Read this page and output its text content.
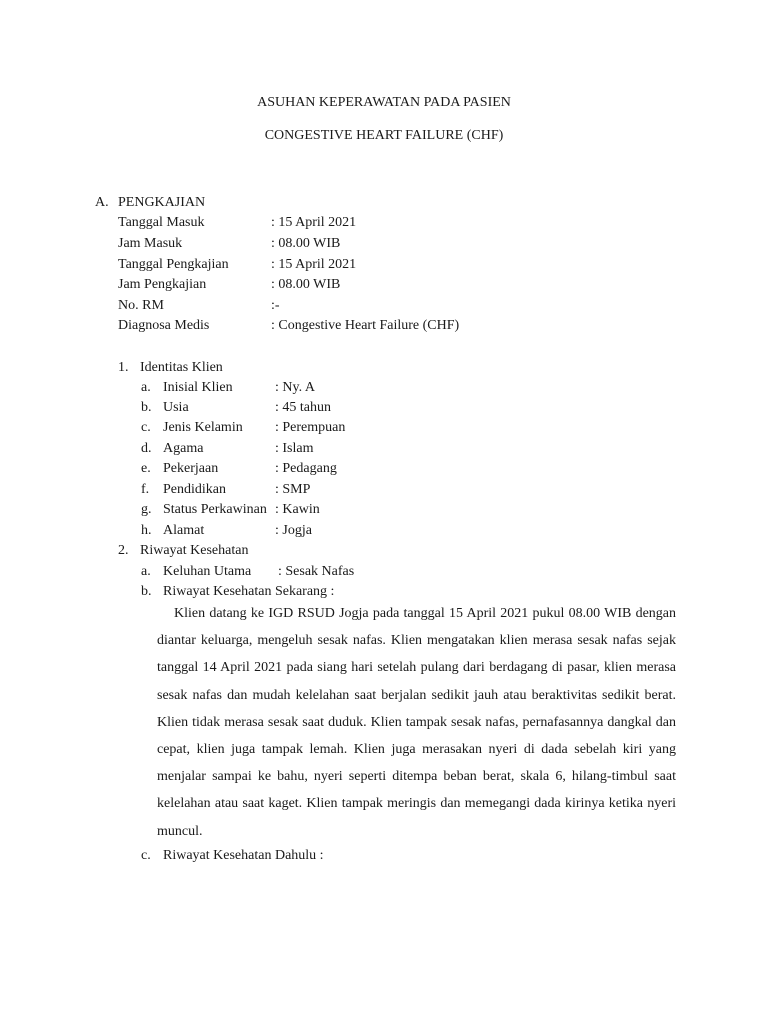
ASUHAN KEPERAWATAN PADA PASIEN
CONGESTIVE HEART FAILURE (CHF)
A. PENGKAJIAN
Tanggal Masuk	: 15 April 2021
Jam Masuk	: 08.00 WIB
Tanggal Pengkajian	: 15 April 2021
Jam Pengkajian	: 08.00 WIB
No. RM	:-
Diagnosa Medis	: Congestive Heart Failure (CHF)
1. Identitas Klien
a. Inisial Klien	: Ny. A
b. Usia	: 45 tahun
c. Jenis Kelamin : Perempuan
d. Agama	: Islam
e. Pekerjaan	: Pedagang
f. Pendidikan	: SMP
g. Status Perkawinan : Kawin
h. Alamat	: Jogja
2. Riwayat Kesehatan
a. Keluhan Utama : Sesak Nafas
b. Riwayat Kesehatan Sekarang :
Klien datang ke IGD RSUD Jogja pada tanggal 15 April 2021 pukul 08.00 WIB dengan diantar keluarga, mengeluh sesak nafas. Klien mengatakan klien merasa sesak nafas sejak tanggal 14 April 2021 pada siang hari setelah pulang dari berdagang di pasar, klien merasa sesak nafas dan mudah kelelahan saat berjalan sedikit jauh atau beraktivitas sedikit berat. Klien tidak merasa sesak saat duduk. Klien tampak sesak nafas, pernafasannya dangkal dan cepat, klien juga tampak lemah. Klien juga merasakan nyeri di dada sebelah kiri yang menjalar sampai ke bahu, nyeri seperti ditempa beban berat, skala 6, hilang-timbul saat kelelahan atau saat kaget. Klien tampak meringis dan memegangi dada kirinya ketika nyeri muncul.
c. Riwayat Kesehatan Dahulu :
